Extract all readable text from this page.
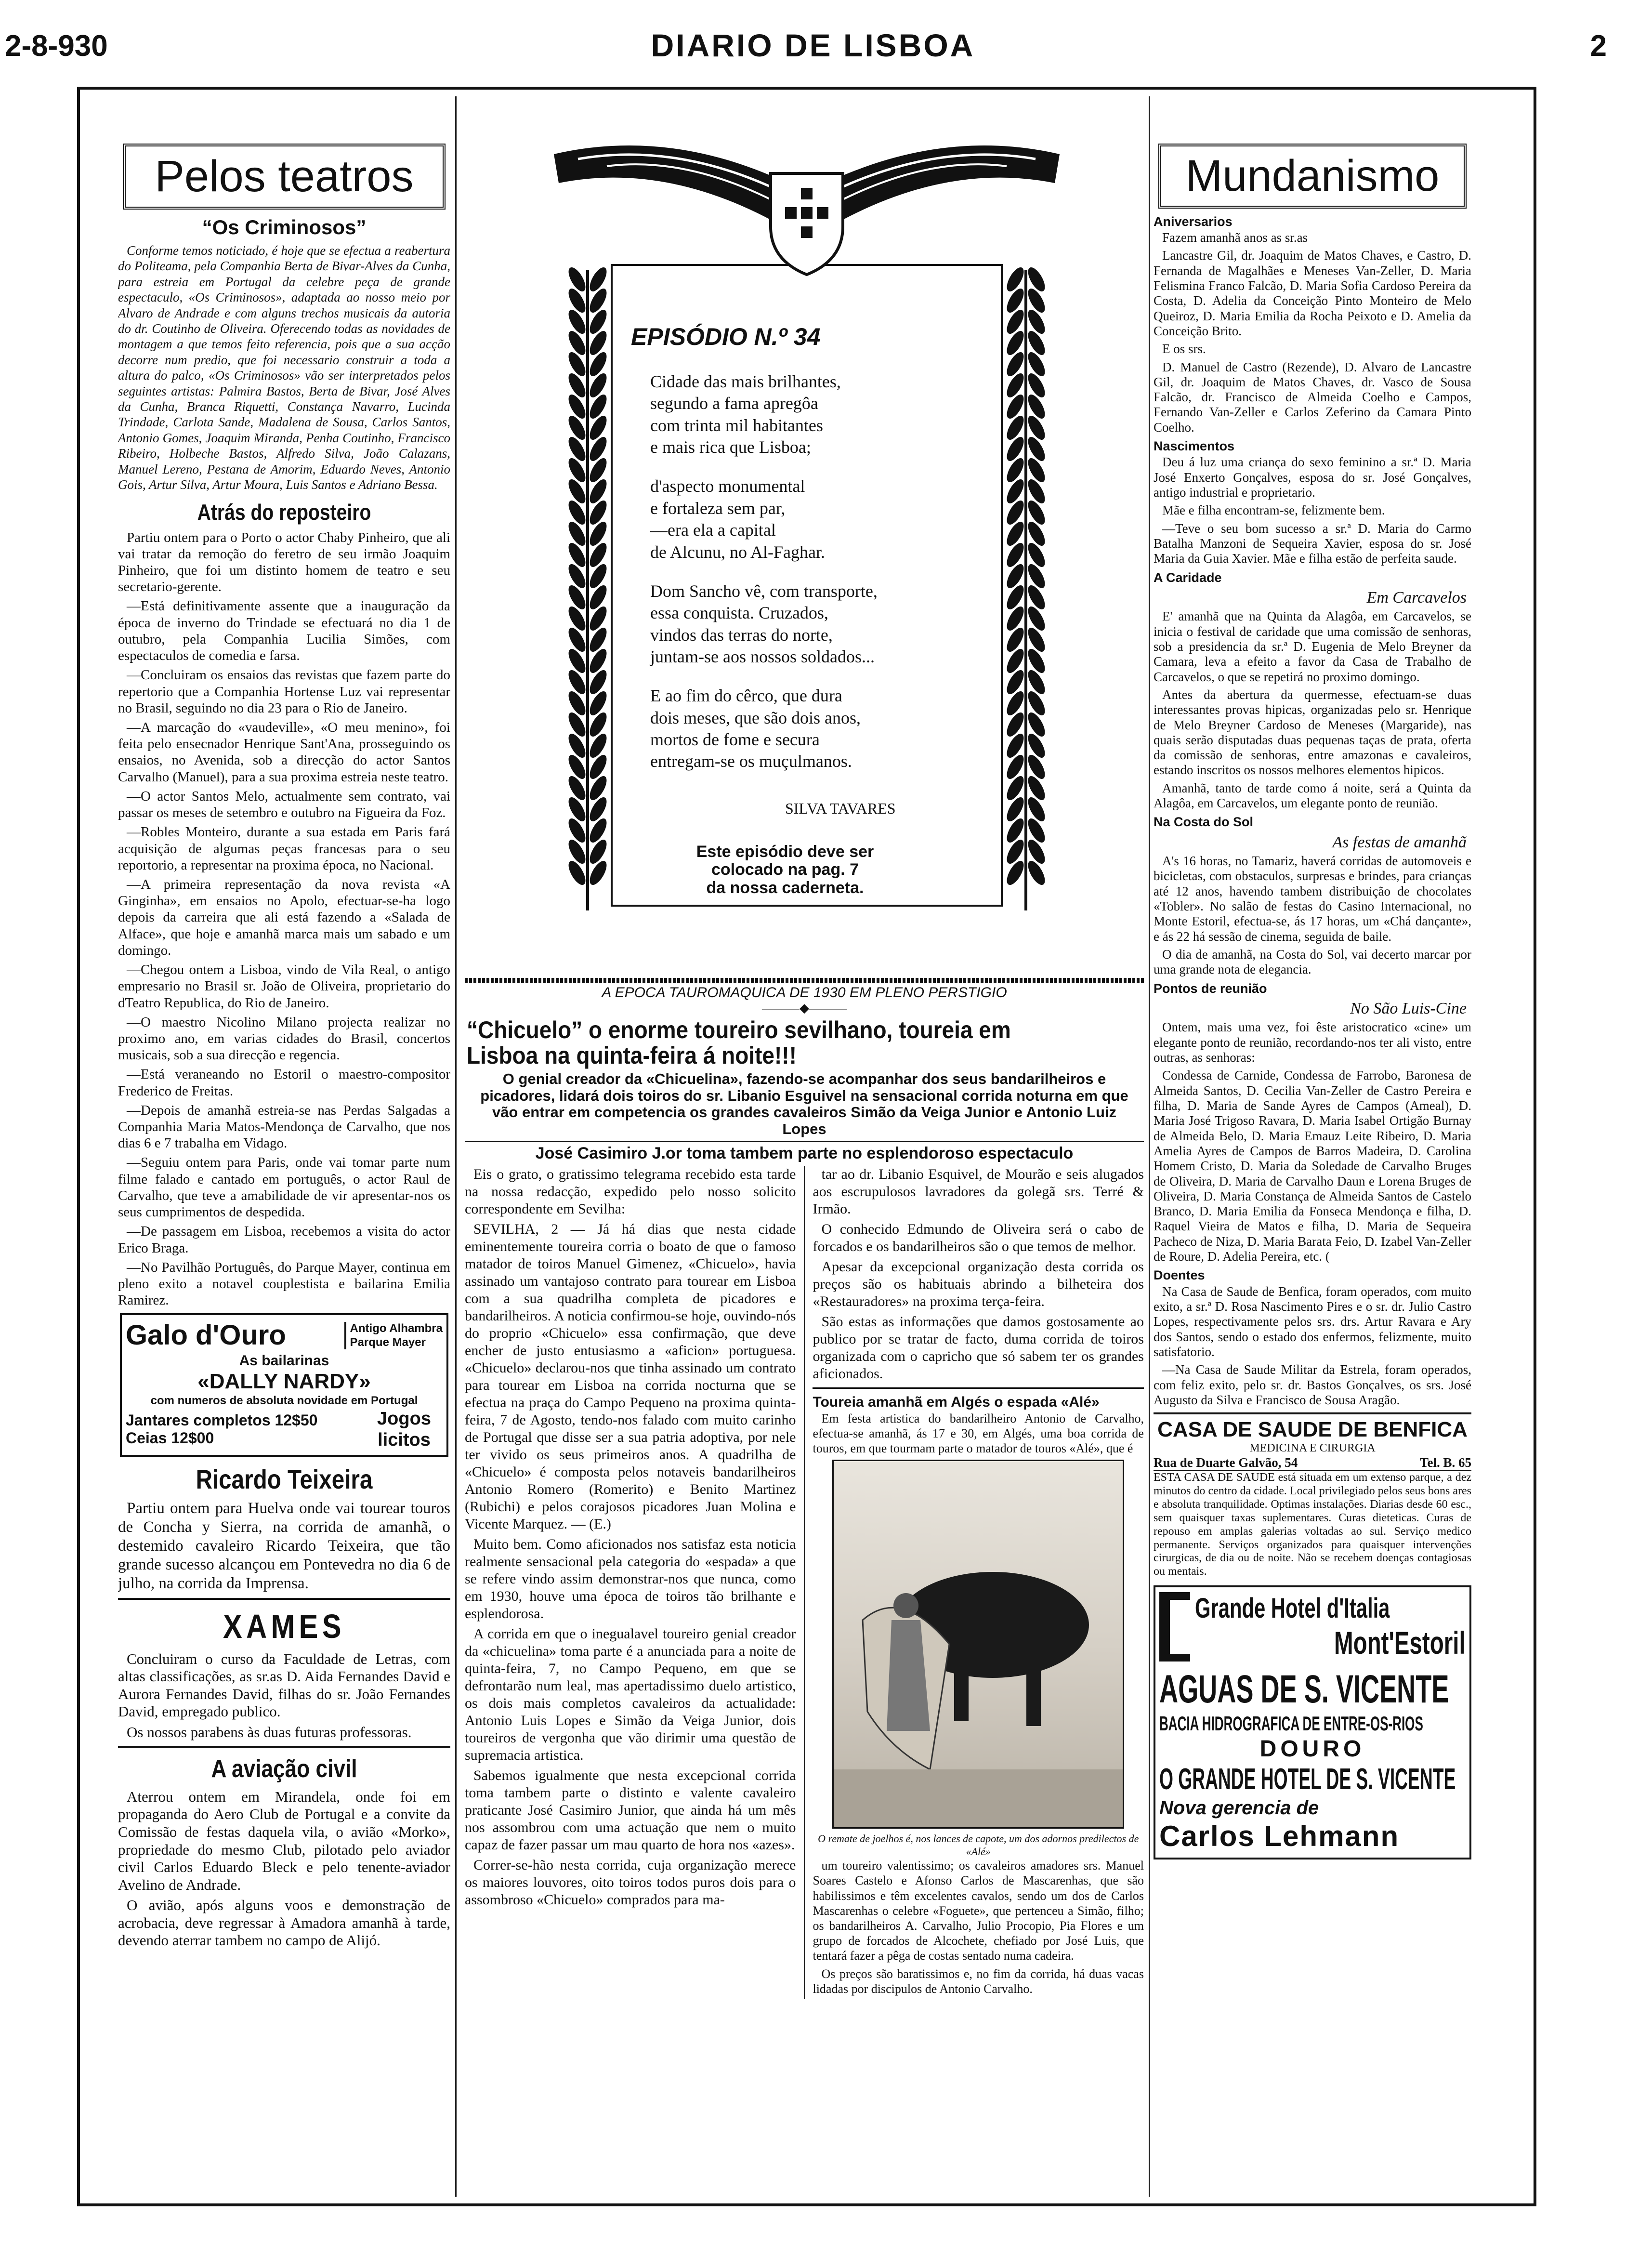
2-8-930	DIARIO DE LISBOA	2
Pelos teatros
“Os Criminosos”

Conforme temos noticiado, é hoje que se efectua a reabertura do Politeama, pela Companhia Berta de Bivar-Alves da Cunha, para estreia em Portugal da celebre peça de grande espectaculo, «Os Criminosos», adaptada ao nosso meio por Alvaro de Andrade e com alguns trechos musicais da autoria do dr. Coutinho de Oliveira. Oferecendo todas as novidades de montagem a que temos feito referencia, pois que a sua acção decorre num predio, que foi necessario construir a toda a altura do palco, «Os Criminosos» vão ser interpretados pelos seguintes artistas: Palmira Bastos, Berta de Bivar, José Alves da Cunha, Branca Riquetti, Constança Navarro, Lucinda Trindade, Carlota Sande, Madalena de Sousa, Carlos Santos, Antonio Gomes, Joaquim Miranda, Penha Coutinho, Francisco Ribeiro, Holbeche Bastos, Alfredo Silva, João Calazans, Manuel Lereno, Pestana de Amorim, Eduardo Neves, Antonio Gois, Artur Silva, Artur Moura, Luis Santos e Adriano Bessa.

Atrás do reposteiro

Partiu ontem para o Porto o actor Chaby Pinheiro, que ali vai tratar da remoção do feretro de seu irmão Joaquim Pinheiro, que foi um distinto homem de teatro e seu secretario-gerente.

—Está definitivamente assente que a inauguração da época de inverno do Trindade se efectuará no dia 1 de outubro, pela Companhia Lucilia Simões, com espectaculos de comedia e farsa.

—Concluiram os ensaios das revistas que fazem parte do repertorio que a Companhia Hortense Luz vai representar no Brasil, seguindo no dia 23 para o Rio de Janeiro.

—A marcação do «vaudeville», «O meu menino», foi feita pelo ensecnador Henrique Sant'Ana, prosseguindo os ensaios, no Avenida, sob a direcção do actor Santos Carvalho (Manuel), para a sua proxima estreia neste teatro.

—O actor Santos Melo, actualmente sem contrato, vai passar os meses de setembro e outubro na Figueira da Foz.

—Robles Monteiro, durante a sua estada em Paris fará acquisição de algumas peças francesas para o seu reportorio, a representar na proxima época, no Nacional.

—A primeira representação da nova revista «A Ginginha», em ensaios no Apolo, efectuar-se-ha logo depois da carreira que ali está fazendo a «Salada de Alface», que hoje e amanhã marca mais um sabado e um domingo.

—Chegou ontem a Lisboa, vindo de Vila Real, o antigo empresario no Brasil sr. João de Oliveira, proprietario do dTeatro Republica, do Rio de Janeiro.

—O maestro Nicolino Milano projecta realizar no proximo ano, em varias cidades do Brasil, concertos musicais, sob a sua direcção e regencia.

—Está veraneando no Estoril o maestro-compositor Frederico de Freitas.

—Depois de amanhã estreia-se nas Perdas Salgadas a Companhia Maria Matos-Mendonça de Carvalho, que nos dias 6 e 7 trabalha em Vidago.

—Seguiu ontem para Paris, onde vai tomar parte num filme falado e cantado em português, o actor Raul de Carvalho, que teve a amabilidade de vir apresentar-nos os seus cumprimentos de despedida.

—De passagem em Lisboa, recebemos a visita do actor Erico Braga.

—No Pavilhão Português, do Parque Mayer, continua em pleno exito a notavel couplestista e bailarina Emilia Ramirez.

Galo d'Ouro	Antigo Alhambra
Parque Mayer
As bailarinas
«DALLY NARDY»
com numeros de absoluta novidade em Portugal
Jantares completos 12$50
Ceias 12$00
Jogos licitos
Ricardo Teixeira

Partiu ontem para Huelva onde vai tourear touros de Concha y Sierra, na corrida de amanhã, o destemido cavaleiro Ricardo Teixeira, que tão grande sucesso alcançou em Pontevedra no dia 6 de julho, na corrida da Imprensa.

XAMES

Concluiram o curso da Faculdade de Letras, com altas classificações, as sr.as D. Aida Fernandes David e Aurora Fernandes David, filhas do sr. João Fernandes David, empregado publico.

Os nossos parabens às duas futuras professoras.

A aviação civil

Aterrou ontem em Mirandela, onde foi em propaganda do Aero Club de Portugal e a convite da Comissão de festas daquela vila, o avião «Morko», propriedade do mesmo Club, pilotado pelo aviador civil Carlos Eduardo Bleck e pelo tenente-aviador Avelino de Andrade.

O avião, após alguns voos e demonstração de acrobacia, deve regressar à Amadora amanhã à tarde, devendo aterrar tambem no campo de Alijó.

EPISÓDIO N.º 34
Cidade das mais brilhantes,
segundo a fama apregôa
com trinta mil habitantes
e mais rica que Lisboa;
d'aspecto monumental
e fortaleza sem par,
—era ela a capital
de Alcunu, no Al-Faghar.
Dom Sancho vê, com transporte,
essa conquista. Cruzados,
vindos das terras do norte,
juntam-se aos nossos soldados...
E ao fim do cêrco, que dura
dois meses, que são dois anos,
mortos de fome e secura
entregam-se os muçulmanos.
SILVA TAVARES
Este episódio deve ser
colocado na pag. 7
da nossa caderneta.
A EPOCA TAUROMAQUICA DE 1930 EM PLENO PERSTIGIO
———◆———
“Chicuelo” o enorme toureiro sevilhano, toureia em Lisboa na quinta-feira á noite!!!
O genial creador da «Chicuelina», fazendo-se acompanhar dos seus bandarilheiros e picadores, lidará dois toiros do sr. Libanio Esguivel na sensacional corrida noturna em que vão entrar em competencia os grandes cavaleiros Simão da Veiga Junior e Antonio Luiz Lopes
José Casimiro J.or toma tambem parte no esplendoroso espectaculo

Eis o grato, o gratissimo telegrama recebido esta tarde na nossa redacção, expedido pelo nosso solicito correspondente em Sevilha:

SEVILHA, 2 — Já há dias que nesta cidade eminentemente toureira corria o boato de que o famoso matador de toiros Manuel Gimenez, «Chicuelo», havia assinado um vantajoso contrato para tourear em Lisboa com a sua quadrilha completa de picadores e bandarilheiros. A noticia confirmou-se hoje, ouvindo-nós do proprio «Chicuelo» essa confirmação, que deve encher de justo entusiasmo a «aficion» portuguesa. «Chicuelo» declarou-nos que tinha assinado um contrato para tourear em Lisboa na corrida nocturna que se efectua na praça do Campo Pequeno na proxima quinta-feira, 7 de Agosto, tendo-nos falado com muito carinho de Portugal que disse ser a sua patria adoptiva, por nele ter vivido os seus primeiros anos. A quadrilha de «Chicuelo» é composta pelos notaveis bandarilheiros Antonio Romero (Romerito) e Benito Martinez (Rubichi) e pelos corajosos picadores Juan Molina e Vicente Marquez. — (E.)

Muito bem. Como aficionados nos satisfaz esta noticia realmente sensacional pela categoria do «espada» a que se refere vindo assim demonstrar-nos que nunca, como em 1930, houve uma época de toiros tão brilhante e esplendorosa.

A corrida em que o inegualavel toureiro genial creador da «chicuelina» toma parte é a anunciada para a noite de quinta-feira, 7, no Campo Pequeno, em que se defrontarão num leal, mas apertadissimo duelo artistico, os dois mais completos cavaleiros da actualidade: Antonio Luis Lopes e Simão da Veiga Junior, dois toureiros de vergonha que vão dirimir uma questão de supremacia artistica.

Sabemos igualmente que nesta excepcional corrida toma tambem parte o distinto e valente cavaleiro praticante José Casimiro Junior, que ainda há um mês nos assombrou com uma actuação que nem o muito capaz de fazer passar um mau quarto de hora nos «azes».

Correr-se-hão nesta corrida, cuja organização merece os maiores louvores, oito toiros todos puros dois para o assombroso «Chicuelo» comprados para ma-

tar ao dr. Libanio Esquivel, de Mourão e seis alugados aos escrupulosos lavradores da golegã srs. Terré & Irmão.

O conhecido Edmundo de Oliveira será o cabo de forcados e os bandarilheiros são o que temos de melhor.

Apesar da excepcional organização desta corrida os preços são os habituais abrindo a bilheteira dos «Restauradores» na proxima terça-feira.

São estas as informações que damos gostosamente ao publico por se tratar de facto, duma corrida de toiros organizada com o capricho que só sabem ter os grandes aficionados.

Toureia amanhã em Algés o espada «Alé»

Em festa artistica do bandarilheiro Antonio de Carvalho, efectua-se amanhã, ás 17 e 30, em Algés, uma boa corrida de touros, em que tourmam parte o matador de touros «Alé», que é

O remate de joelhos é, nos lances de capote, um dos adornos predilectos de «Alé»

um toureiro valentissimo; os cavaleiros amadores srs. Manuel Soares Castelo e Afonso Carlos de Mascarenhas, que são habilissimos e têm excelentes cavalos, sendo um dos de Carlos Mascarenhas o celebre «Foguete», que pertenceu a Simão, filho; os bandarilheiros A. Carvalho, Julio Procopio, Pia Flores e um grupo de forcados de Alcochete, chefiado por José Luis, que tentará fazer a pêga de costas sentado numa cadeira.

Os preços são baratissimos e, no fim da corrida, há duas vacas lidadas por discipulos de Antonio Carvalho.

Mundanismo
Aniversarios

Fazem amanhã anos as sr.as

Lancastre Gil, dr. Joaquim de Matos Chaves, e Castro, D. Fernanda de Magalhães e Meneses Van-Zeller, D. Maria Felismina Franco Falcão, D. Maria Sofia Cardoso Pereira da Costa, D. Adelia da Conceição Pinto Monteiro de Melo Queiroz, D. Maria Emilia da Rocha Peixoto e D. Amelia da Conceição Brito.

E os srs.

D. Manuel de Castro (Rezende), D. Alvaro de Lancastre Gil, dr. Joaquim de Matos Chaves, dr. Vasco de Sousa Falcão, dr. Francisco de Almeida Coelho e Campos, Fernando Van-Zeller e Carlos Zeferino da Camara Pinto Coelho.

Nascimentos

Deu á luz uma criança do sexo feminino a sr.ª D. Maria José Enxerto Gonçalves, esposa do sr. José Gonçalves, antigo industrial e proprietario.

Mãe e filha encontram-se, felizmente bem.

—Teve o seu bom sucesso a sr.ª D. Maria do Carmo Batalha Manzoni de Sequeira Xavier, esposa do sr. José Maria da Guia Xavier. Mãe e filha estão de perfeita saude.

A Caridade
Em Carcavelos

E' amanhã que na Quinta da Alagôa, em Carcavelos, se inicia o festival de caridade que uma comissão de senhoras, sob a presidencia da sr.ª D. Eugenia de Melo Breyner da Camara, leva a efeito a favor da Casa de Trabalho de Carcavelos, o que se repetirá no proximo domingo.

Antes da abertura da quermesse, efectuam-se duas interessantes provas hipicas, organizadas pelo sr. Henrique de Melo Breyner Cardoso de Meneses (Margaride), nas quais serão disputadas duas pequenas taças de prata, oferta da comissão de senhoras, entre amazonas e cavaleiros, estando inscritos os nossos melhores elementos hipicos.

Amanhã, tanto de tarde como á noite, será a Quinta da Alagôa, em Carcavelos, um elegante ponto de reunião.

Na Costa do Sol
As festas de amanhã

A's 16 horas, no Tamariz, haverá corridas de automoveis e bicicletas, com obstaculos, surpresas e brindes, para crianças até 12 anos, havendo tambem distribuição de chocolates «Tobler». No salão de festas do Casino Internacional, no Monte Estoril, efectua-se, ás 17 horas, um «Chá dançante», e ás 22 há sessão de cinema, seguida de baile.

O dia de amanhã, na Costa do Sol, vai decerto marcar por uma grande nota de elegancia.

Pontos de reunião
No São Luis-Cine

Ontem, mais uma vez, foi êste aristocratico «cine» um elegante ponto de reunião, recordando-nos ter ali visto, entre outras, as senhoras:

Condessa de Carnide, Condessa de Farrobo, Baronesa de Almeida Santos, D. Cecilia Van-Zeller de Castro Pereira e filha, D. Maria de Sande Ayres de Campos (Ameal), D. Maria José Trigoso Ravara, D. Maria Isabel Ortigão Burnay de Almeida Belo, D. Maria Emauz Leite Ribeiro, D. Maria Amelia Ayres de Campos de Barros Madeira, D. Carolina Homem Cristo, D. Maria da Soledade de Carvalho Bruges de Oliveira, D. Maria de Carvalho Daun e Lorena Bruges de Oliveira, D. Maria Constança de Almeida Santos de Castelo Branco, D. Maria Emilia da Fonseca Mendonça e filha, D. Raquel Vieira de Matos e filha, D. Maria de Sequeira Pacheco de Niza, D. Maria Barata Feio, D. Izabel Van-Zeller de Roure, D. Adelia Pereira, etc. (

Doentes

Na Casa de Saude de Benfica, foram operados, com muito exito, a sr.ª D. Rosa Nascimento Pires e o sr. dr. Julio Castro Lopes, respectivamente pelos srs. drs. Artur Ravara e Ary dos Santos, sendo o estado dos enfermos, felizmente, muito satisfatorio.

—Na Casa de Saude Militar da Estrela, foram operados, com feliz exito, pelo sr. dr. Bastos Gonçalves, os srs. José Augusto da Silva e Francisco de Sousa Aragão.

CASA DE SAUDE DE BENFICA
MEDICINA E CIRURGIA
Rua de Duarte Galvão, 54	Tel. B. 65

ESTA CASA DE SAUDE está situada em um extenso parque, a dez minutos do centro da cidade. Local privilegiado pelos seus bons ares e absoluta tranquilidade. Optimas instalações. Diarias desde 60 esc., sem quaisquer taxas suplementares. Curas dieteticas. Curas de repouso em amplas galerias voltadas ao sul. Serviço medico permanente. Serviços organizados para quaisquer intervenções cirurgicas, de dia ou de noite. Não se recebem doenças contagiosas ou mentais.

Grande Hotel d'Italia
Mont'Estoril
AGUAS DE S. VICENTE
BACIA HIDROGRAFICA DE ENTRE-OS-RIOS
DOURO
O GRANDE HOTEL DE S. VICENTE
Nova gerencia de
Carlos Lehmann
